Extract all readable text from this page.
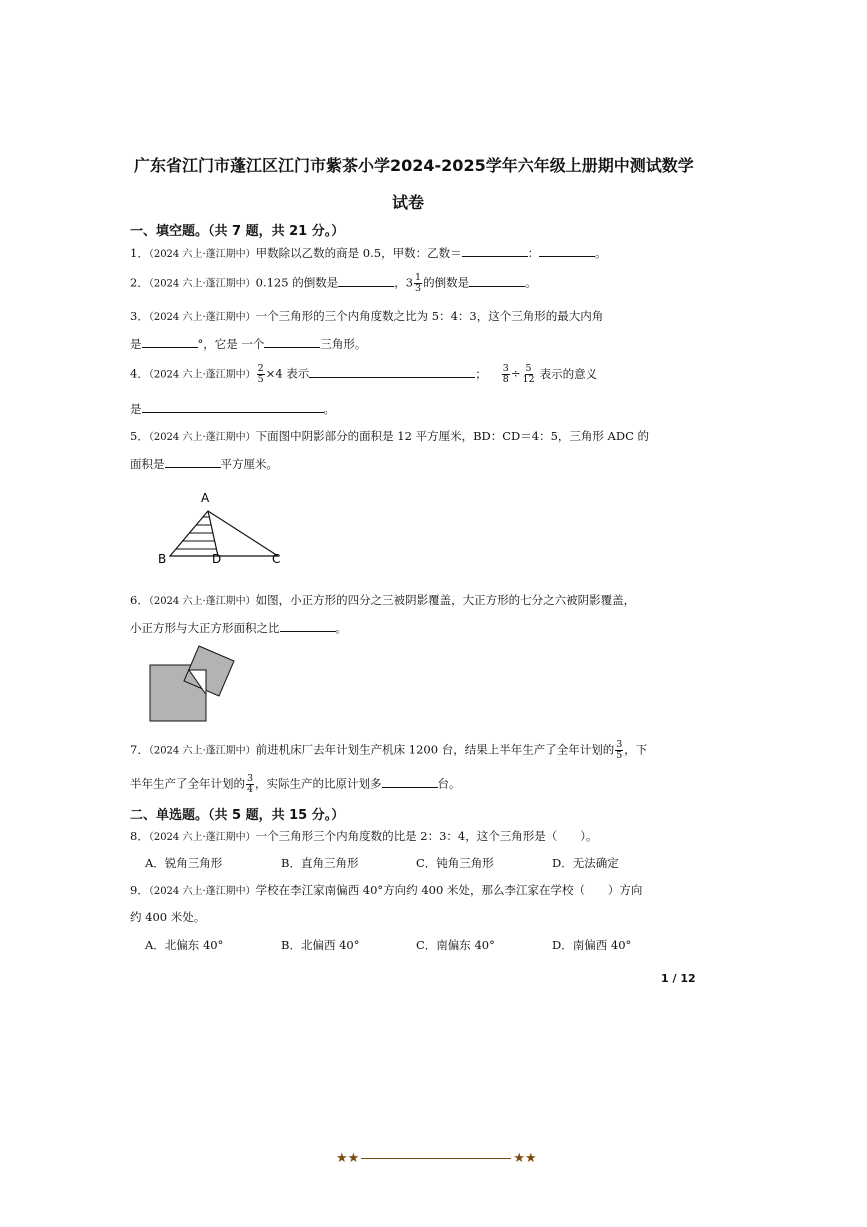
广东省江门市蓬江区江门市紫茶小学2024-2025学年六年级上册期中测试数学
试卷
一、填空题。（共 7 题，共 21 分。）
1．（2024 六上·蓬江期中）甲数除以乙数的商是 0.5，甲数：乙数＝	：	。
2．（2024 六上·蓬江期中）0.125 的倒数是	，$3 \frac{1}{3}$ 的倒数是	。
3．（2024 六上·蓬江期中）一个三角形的三个内角度数之比为 5：4：3，这个三角形的最大内角
是	°，它是 一个	三角形。
4．（2024 六上·蓬江期中） $\frac{2}{5} \times 4$ 表示	； $\frac{3}{8} \div \frac{5}{12}$ 表示的意义
是	。
5．（2024 六上·蓬江期中）下面图中阴影部分的面积是 12 平方厘米，BD：CD＝4：5，三角形 ADC 的
面积是	平方厘米。
A
B	D	C
6．（2024 六上·蓬江期中）如图，小正方形的四分之三被阴影覆盖，大正方形的七分之六被阴影覆盖，
小正方形与大正方形面积之比	。
7．（2024 六上·蓬江期中）前进机床厂去年计划生产机床 1200 台，结果上半年生产了全年计划的 $\frac{3}{5}$ ，下
半年生产了全年计划的 $\frac{3}{4}$ ，实际生产的比原计划多	台。
二、单选题。（共 5 题，共 15 分。）
8．（2024 六上·蓬江期中）一个三角形三个内角度数的比是 2：3：4，这个三角形是（　　）。
A．锐角三角形	B．直角三角形	C．钝角三角形	D．无法确定
9．（2024 六上·蓬江期中）学校在李江家南偏西 40°方向约 400 米处，那么李江家在学校（　　）方向
约 400 米处。
A．北偏东 40°	B．北偏西 40°	C．南偏东 40°	D．南偏西 40°
1 / 12
★★	★★
